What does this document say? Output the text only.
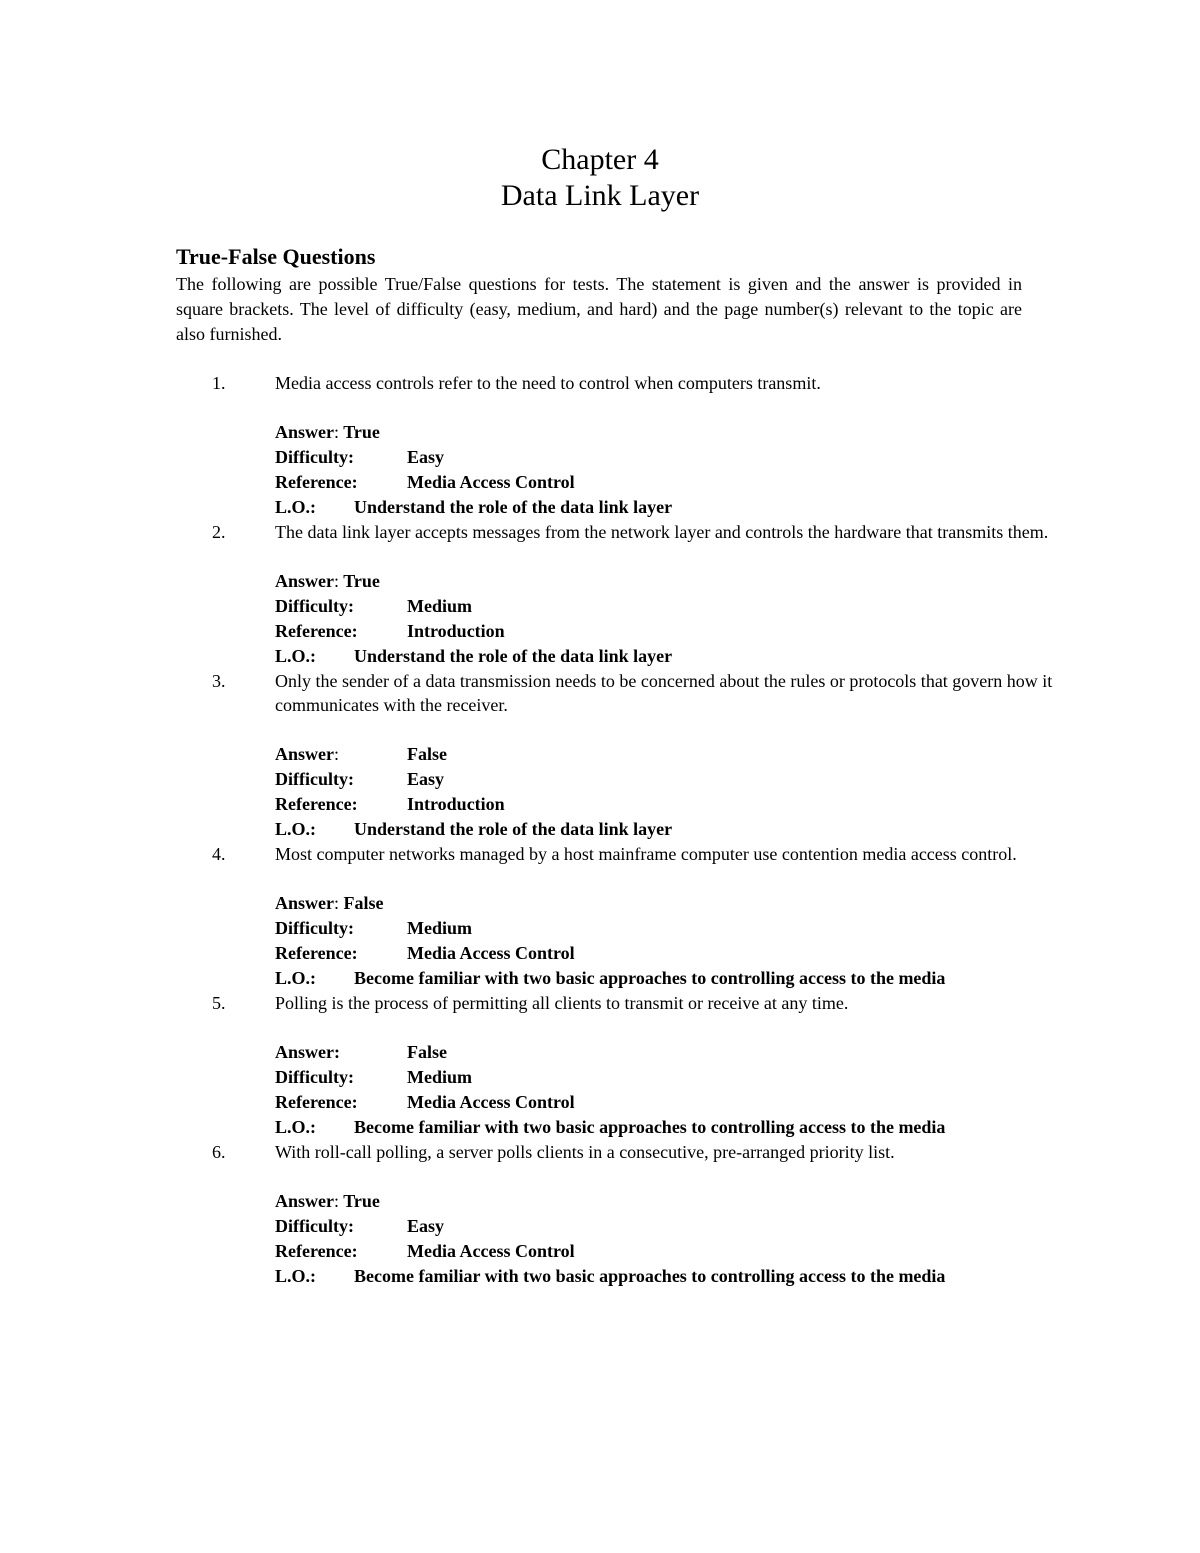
Chapter 4
Data Link Layer
True-False Questions
The following are possible True/False questions for tests. The statement is given and the answer is provided in square brackets. The level of difficulty (easy, medium, and hard) and the page number(s) relevant to the topic are also furnished.
1.	Media access controls refer to the need to control when computers transmit.
Answer: True
Difficulty:	Easy
Reference:	Media Access Control
L.O.: Understand the role of the data link layer
2.	The data link layer accepts messages from the network layer and controls the hardware that transmits them.
Answer: True
Difficulty:	Medium
Reference:	Introduction
L.O.: Understand the role of the data link layer
3.	Only the sender of a data transmission needs to be concerned about the rules or protocols that govern how it communicates with the receiver.
Answer:	False
Difficulty:	Easy
Reference:	Introduction
L.O.: Understand the role of the data link layer
4.	Most computer networks managed by a host mainframe computer use contention media access control.
Answer: False
Difficulty:	Medium
Reference:	Media Access Control
L.O.: Become familiar with two basic approaches to controlling access to the media
5.	Polling is the process of permitting all clients to transmit or receive at any time.
Answer:	False
Difficulty:	Medium
Reference:	Media Access Control
L.O.: Become familiar with two basic approaches to controlling access to the media
6.	With roll-call polling, a server polls clients in a consecutive, pre-arranged priority list.
Answer: True
Difficulty:	Easy
Reference:	Media Access Control
L.O.: Become familiar with two basic approaches to controlling access to the media
